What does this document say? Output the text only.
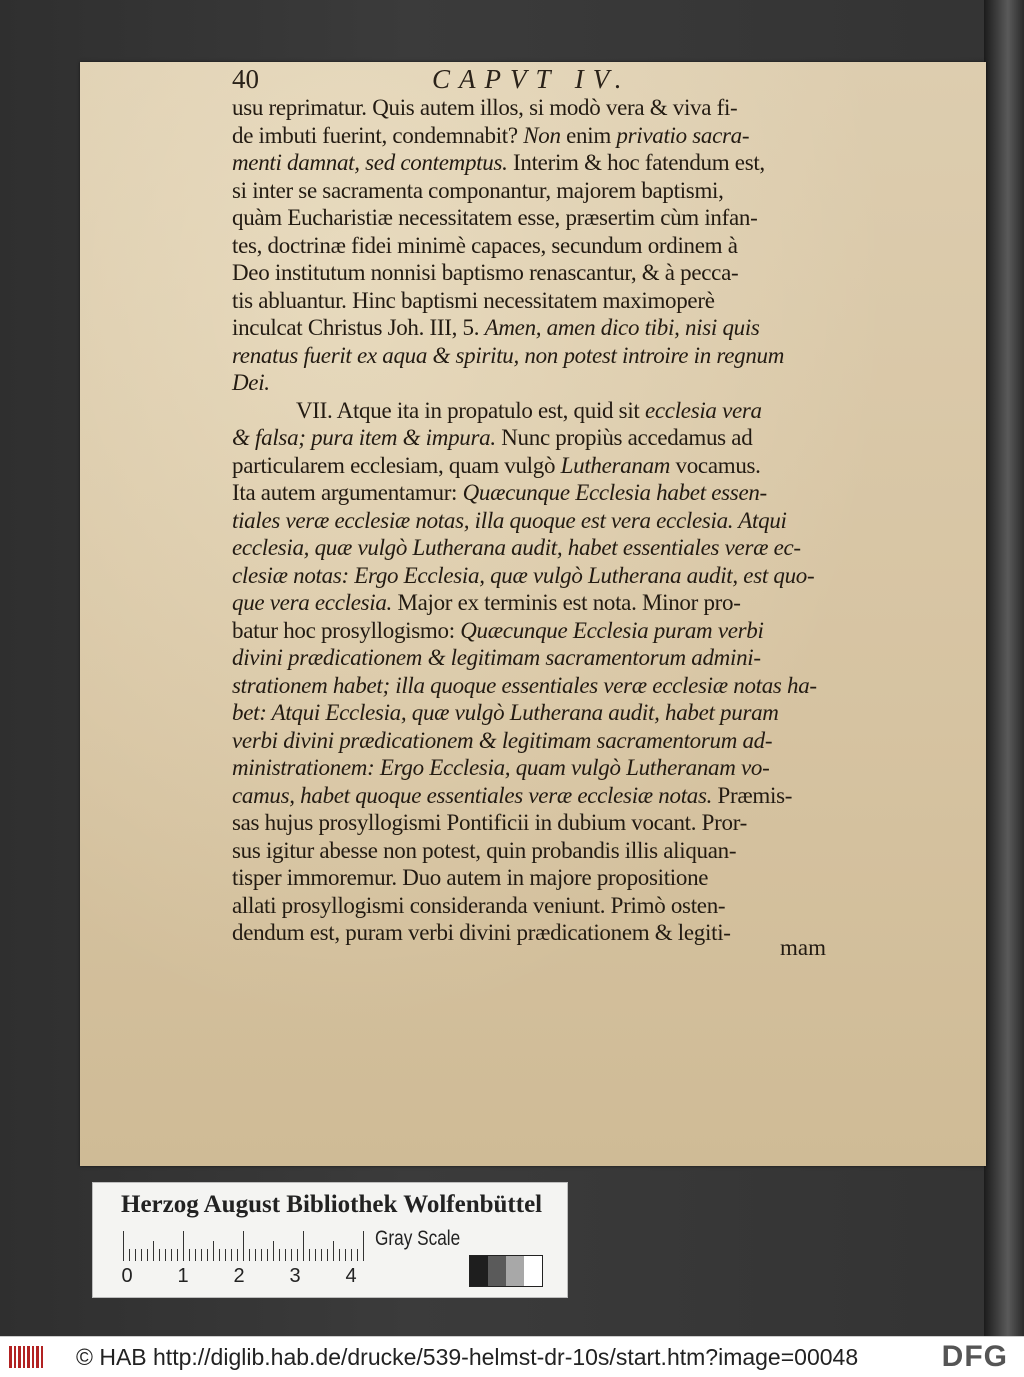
40	CAPVT IV.
usu reprimatur. Quis autem illos, si modò vera & viva fi-
de imbuti fuerint, condemnabit? Non enim privatio sacra-
menti damnat, sed contemptus. Interim & hoc fatendum est,
si inter se sacramenta componantur, majorem baptismi,
quàm Eucharistiæ necessitatem esse, præsertim cùm infan-
tes, doctrinæ fidei minimè capaces, secundum ordinem à
Deo institutum nonnisi baptismo renascantur, & à pecca-
tis abluantur. Hinc baptismi necessitatem maximoperè
inculcat Christus Joh. III, 5. Amen, amen dico tibi, nisi quis
renatus fuerit ex aqua & spiritu, non potest introire in regnum
Dei.
VII. Atque ita in propatulo est, quid sit ecclesia vera
& falsa; pura item & impura. Nunc propiùs accedamus ad
particularem ecclesiam, quam vulgò Lutheranam vocamus.
Ita autem argumentamur: Quæcunque Ecclesia habet essen-
tiales veræ ecclesiæ notas, illa quoque est vera ecclesia. Atqui
ecclesia, quæ vulgò Lutherana audit, habet essentiales veræ ec-
clesiæ notas: Ergo Ecclesia, quæ vulgò Lutherana audit, est quo-
que vera ecclesia. Major ex terminis est nota. Minor pro-
batur hoc prosyllogismo: Quæcunque Ecclesia puram verbi
divini prædicationem & legitimam sacramentorum admini-
strationem habet; illa quoque essentiales veræ ecclesiæ notas ha-
bet: Atqui Ecclesia, quæ vulgò Lutherana audit, habet puram
verbi divini prædicationem & legitimam sacramentorum ad-
ministrationem: Ergo Ecclesia, quam vulgò Lutheranam vo-
camus, habet quoque essentiales veræ ecclesiæ notas. Præmis-
sas hujus prosyllogismi Pontificii in dubium vocant. Pror-
sus igitur abesse non potest, quin probandis illis aliquan-
tisper immoremur. Duo autem in majore propositione
allati prosyllogismi consideranda veniunt. Primò osten-
dendum est, puram verbi divini prædicationem & legiti-
mam
Herzog August Bibliothek Wolfenbüttel
0 1 2 3 4
Gray Scale
© HAB http://diglib.hab.de/drucke/539-helmst-dr-10s/start.htm?image=00048	DFG
